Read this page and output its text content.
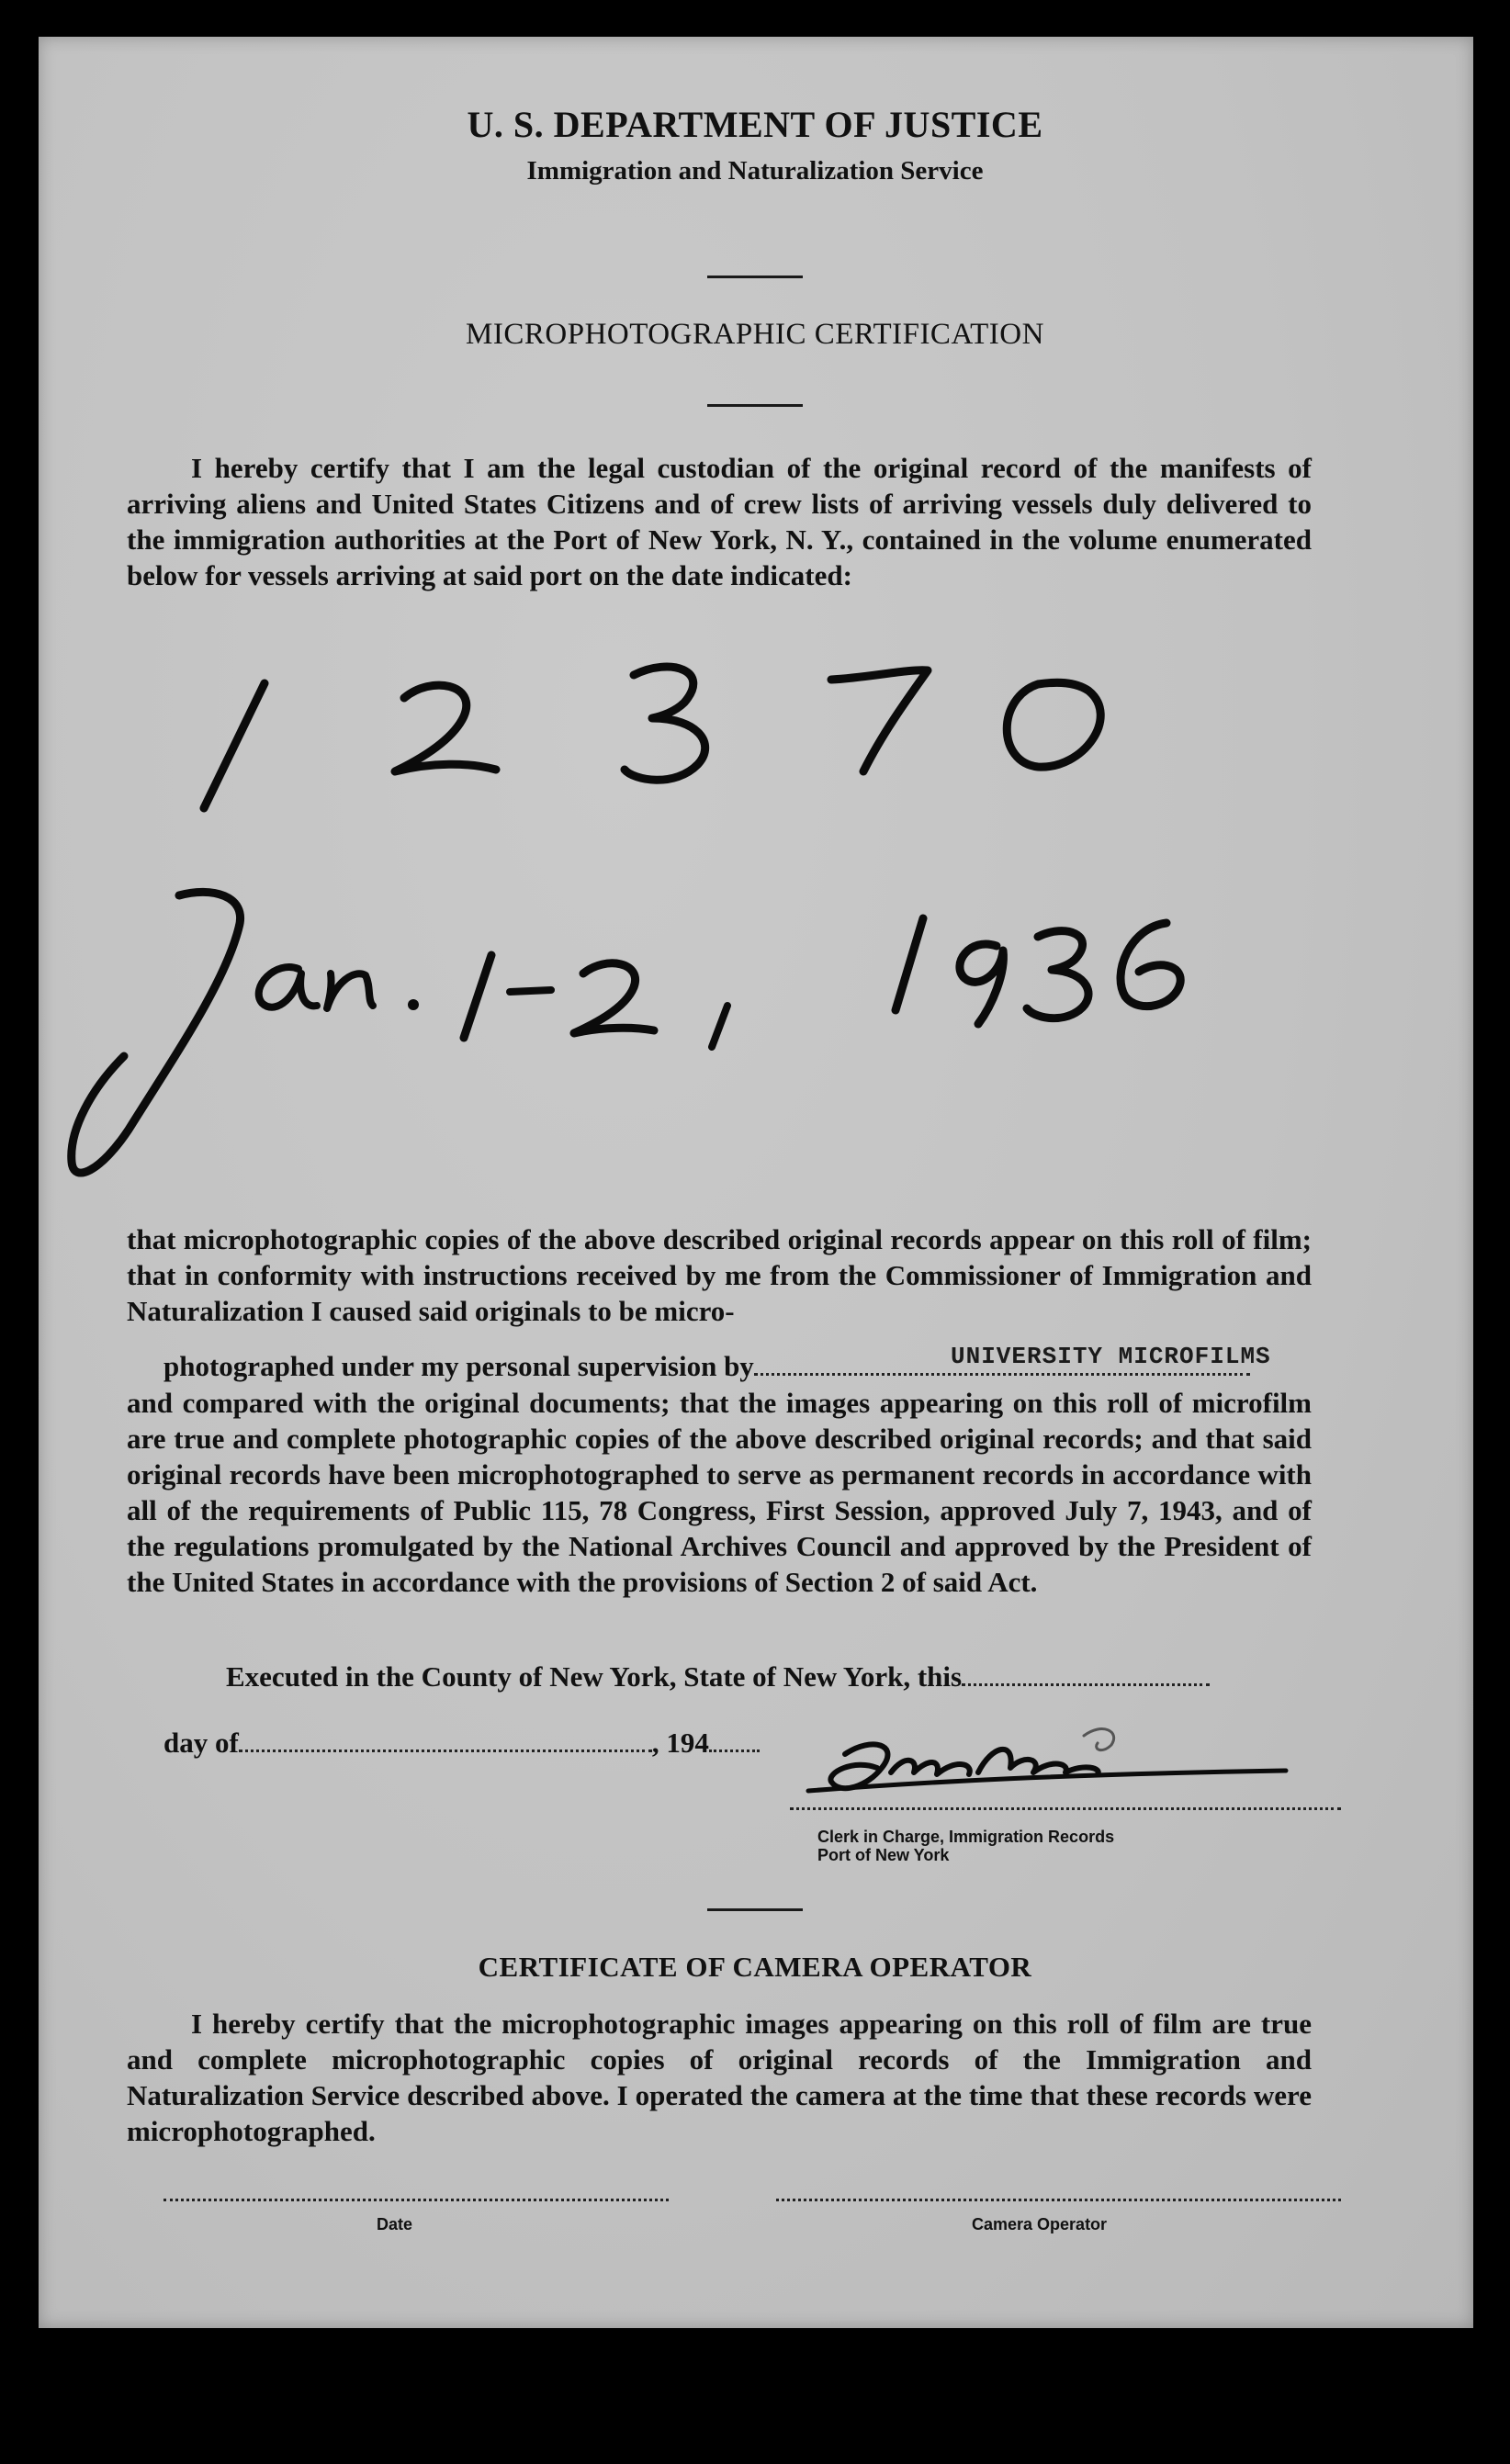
U. S. DEPARTMENT OF JUSTICE
Immigration and Naturalization Service
MICROPHOTOGRAPHIC CERTIFICATION
I hereby certify that I am the legal custodian of the original record of the manifests of arriving aliens and United States Citizens and of crew lists of arriving vessels duly delivered to the immigration authorities at the Port of New York, N. Y., contained in the volume enumerated below for vessels arriving at said port on the date indicated:
that microphotographic copies of the above described original records appear on this roll of film; that in conformity with instructions received by me from the Commissioner of Immigration and Naturalization I caused said originals to be micro-
photographed under my personal supervision by	UNIVERSITY MICROFILMS
and compared with the original documents; that the images appearing on this roll of microfilm are true and complete photographic copies of the above described original records; and that said original records have been microphotographed to serve as permanent records in accordance with all of the requirements of Public 115, 78 Congress, First Session, approved July 7, 1943, and of the regulations promulgated by the National Archives Council and approved by the President of the United States in accordance with the provisions of Section 2 of said Act.
Executed in the County of New York, State of New York, this
day of	, 194
Clerk in Charge, Immigration Records
Port of New York
CERTIFICATE OF CAMERA OPERATOR
I hereby certify that the microphotographic images appearing on this roll of film are true and complete microphotographic copies of original records of the Immigration and Naturalization Service described above. I operated the camera at the time that these records were microphotographed.
Date	Camera Operator
